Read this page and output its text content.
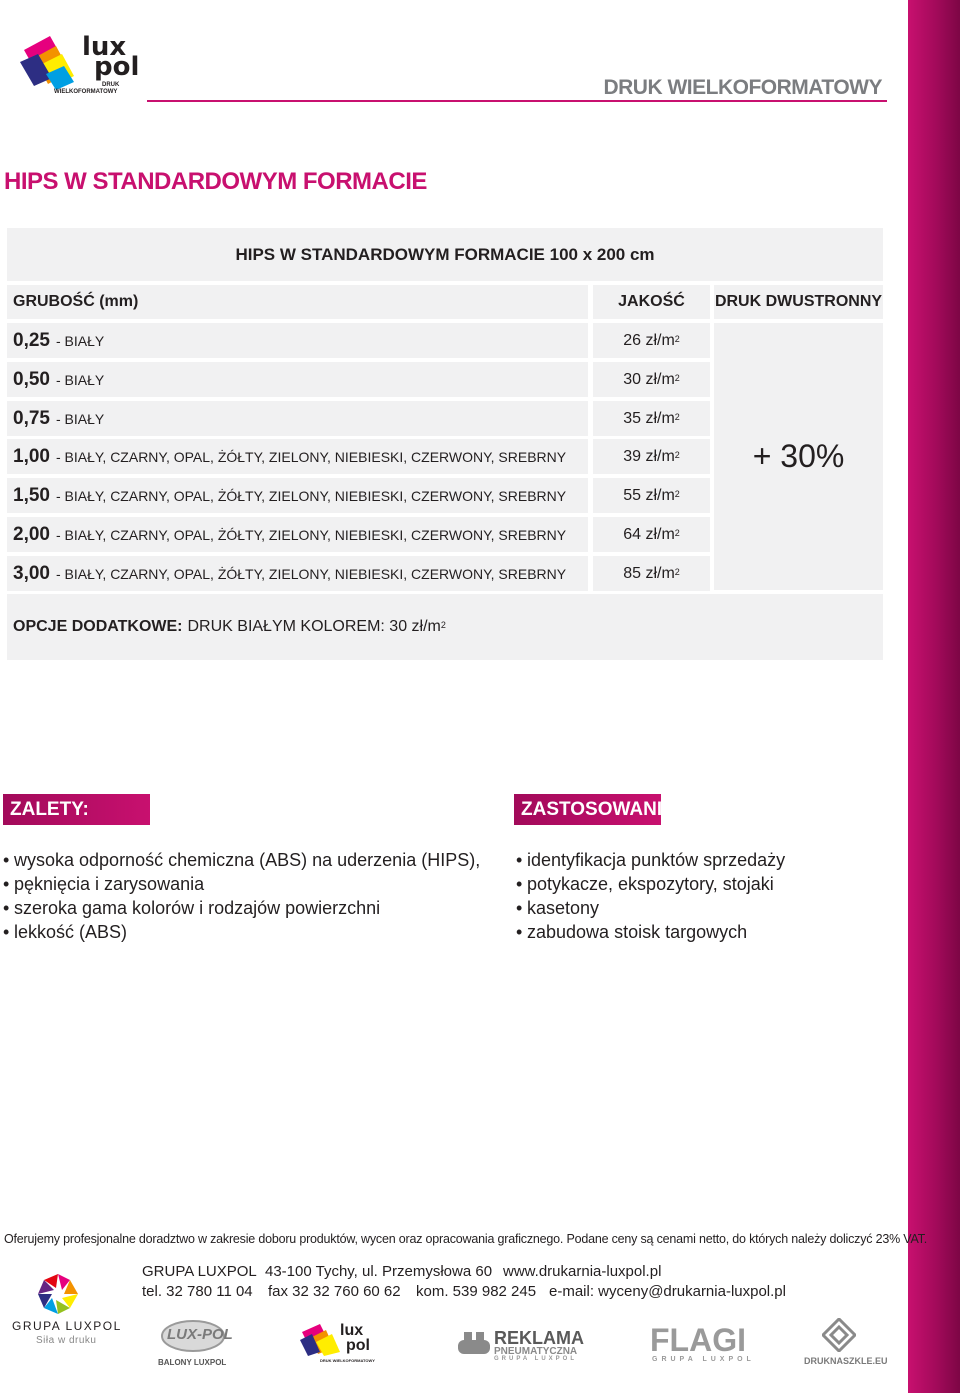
lux
pol
DRUK
WIELKOFORMATOWY	DRUK WIELKOFORMATOWY
HIPS W STANDARDOWYM FORMACIE
HIPS W STANDARDOWYM FORMACIE 100 x 200 cm
GRUBOŚĆ (mm)	JAKOŚĆ	DRUK DWUSTRONNY
0,25 - BIAŁY	26 $zł/m^2$
0,50 - BIAŁY	30 $zł/m^2$
0,75 - BIAŁY	35 $zł/m^2$
1,00 - BIAŁY, CZARNY, OPAL, ŻÓŁTY, ZIELONY, NIEBIESKI, CZERWONY, SREBRNY	39 $zł/m^2$
1,50 - BIAŁY, CZARNY, OPAL, ŻÓŁTY, ZIELONY, NIEBIESKI, CZERWONY, SREBRNY	55 $zł/m^2$
2,00 - BIAŁY, CZARNY, OPAL, ŻÓŁTY, ZIELONY, NIEBIESKI, CZERWONY, SREBRNY	64 $zł/m^2$
3,00 - BIAŁY, CZARNY, OPAL, ŻÓŁTY, ZIELONY, NIEBIESKI, CZERWONY, SREBRNY	85 $zł/m^2$
+ 30%
OPCJE DODATKOWE: DRUK BIAŁYM KOLOREM: 30 $zł/m^2$
ZALETY:	ZASTOSOWANIE:
• wysoka odporność chemiczna (ABS) na uderzenia (HIPS),
• pęknięcia i zarysowania
• szeroka gama kolorów i rodzajów powierzchni
• lekkość (ABS)
• identyfikacja punktów sprzedaży
• potykacze, ekspozytory, stojaki
• kasetony
• zabudowa stoisk targowych
Oferujemy profesjonalne doradztwo w zakresie doboru produktów, wycen oraz opracowania graficznego. Podane ceny są cenami netto, do których należy doliczyć 23% VAT.
GRUPA LUXPOL 43-100 Tychy, ul. Przemysłowa 60 www.drukarnia-luxpol.pl
tel. 32 780 11 04 fax 32 32 760 60 62 kom. 539 982 245 e-mail: wyceny@drukarnia-luxpol.pl
GRUPA LUXPOL
Siła w druku	LUX-POL
BALONY LUXPOL
lux
pol
DRUK WIELKOFORMATOWY
REKLAMA
PNEUMATYCZNA
GRUPA LUXPOL
FLAGI
GRUPA LUXPOL	DRUKNASZKLE.EU
